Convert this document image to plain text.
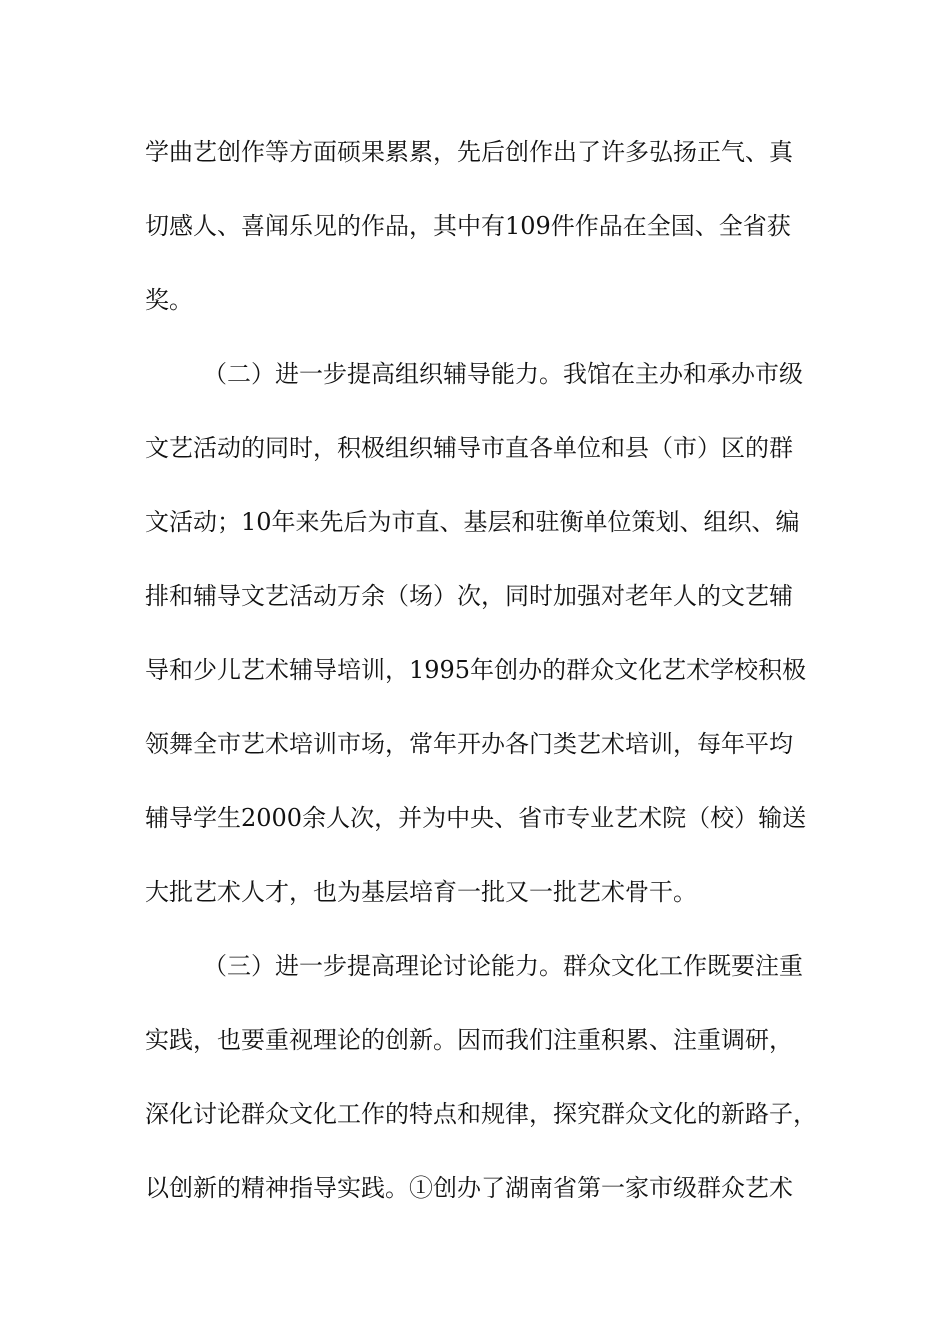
学曲艺创作等方面硕果累累，先后创作出了许多弘扬正气、真
切感人、喜闻乐见的作品，其中有109件作品在全国、全省获
奖。
（二）进一步提高组织辅导能力。我馆在主办和承办市级
文艺活动的同时，积极组织辅导市直各单位和县（市）区的群
文活动；10年来先后为市直、基层和驻衡单位策划、组织、编
排和辅导文艺活动万余（场）次，同时加强对老年人的文艺辅
导和少儿艺术辅导培训，1995年创办的群众文化艺术学校积极
领舞全市艺术培训市场，常年开办各门类艺术培训，每年平均
辅导学生2000余人次，并为中央、省市专业艺术院（校）输送
大批艺术人才，也为基层培育一批又一批艺术骨干。
（三）进一步提高理论讨论能力。群众文化工作既要注重
实践，也要重视理论的创新。因而我们注重积累、注重调研，
深化讨论群众文化工作的特点和规律，探究群众文化的新路子，
以创新的精神指导实践。①创办了湖南省第一家市级群众艺术
